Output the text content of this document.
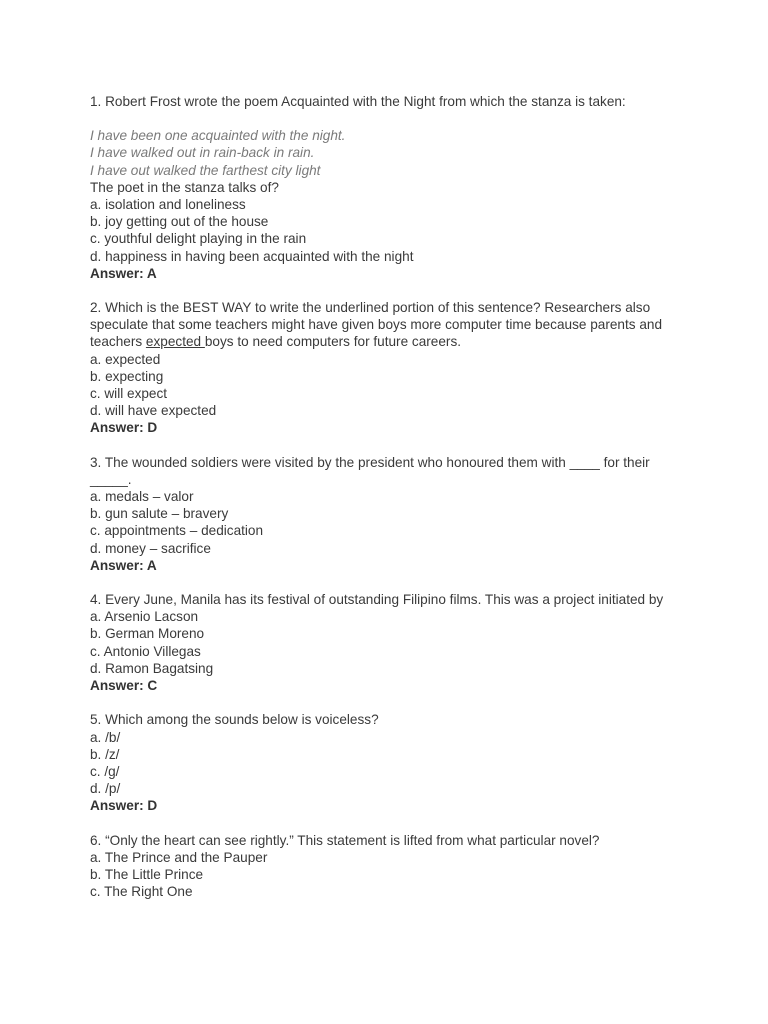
1. Robert Frost wrote the poem Acquainted with the Night from which the stanza is taken:
I have been one acquainted with the night.
I have walked out in rain-back in rain.
I have out walked the farthest city light
The poet in the stanza talks of?
a. isolation and loneliness
b. joy getting out of the house
c. youthful delight playing in the rain
d. happiness in having been acquainted with the night
Answer: A
2. Which is the BEST WAY to write the underlined portion of this sentence? Researchers also speculate that some teachers might have given boys more computer time because parents and teachers expected boys to need computers for future careers.
a. expected
b. expecting
c. will expect
d. will have expected
Answer: D
3. The wounded soldiers were visited by the president who honoured them with ____ for their _____.
a. medals – valor
b. gun salute – bravery
c. appointments – dedication
d. money – sacrifice
Answer: A
4. Every June, Manila has its festival of outstanding Filipino films. This was a project initiated by
a. Arsenio Lacson
b. German Moreno
c. Antonio Villegas
d. Ramon Bagatsing
Answer: C
5. Which among the sounds below is voiceless?
a. /b/
b. /z/
c. /g/
d. /p/
Answer: D
6. “Only the heart can see rightly.” This statement is lifted from what particular novel?
a. The Prince and the Pauper
b. The Little Prince
c. The Right One
